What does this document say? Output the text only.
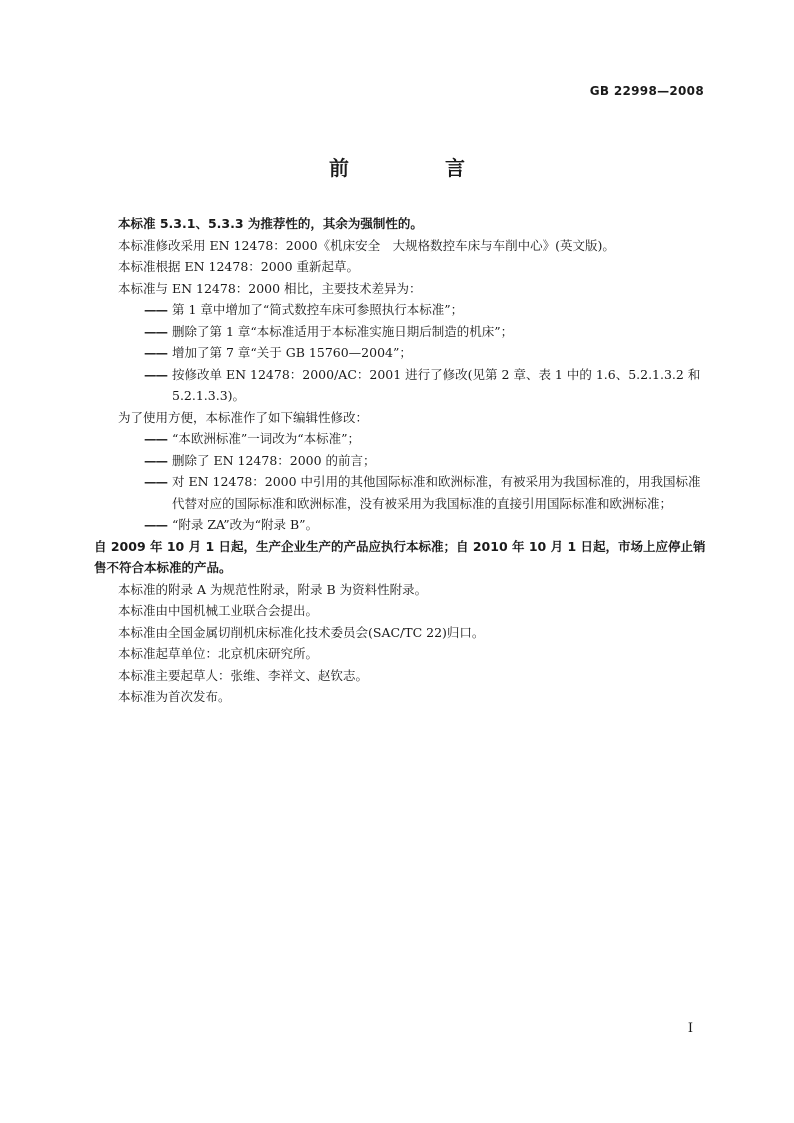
GB 22998—2008
前　言

本标准 5.3.1、5.3.3 为推荐性的，其余为强制性的。

本标准修改采用 EN 12478：2000《机床安全　大规格数控车床与车削中心》(英文版)。

本标准根据 EN 12478：2000 重新起草。

本标准与 EN 12478：2000 相比，主要技术差异为：

—— 第 1 章中增加了“简式数控车床可参照执行本标准”；
—— 删除了第 1 章“本标准适用于本标准实施日期后制造的机床”；
—— 增加了第 7 章“关于 GB 15760—2004”；
—— 按修改单 EN 12478：2000/AC：2001 进行了修改(见第 2 章、表 1 中的 1.6、5.2.1.3.2 和 5.2.1.3.3)。

为了使用方便，本标准作了如下编辑性修改：

—— “本欧洲标准”一词改为“本标准”；
—— 删除了 EN 12478：2000 的前言；
—— 对 EN 12478：2000 中引用的其他国际标准和欧洲标准，有被采用为我国标准的，用我国标准代替对应的国际标准和欧洲标准，没有被采用为我国标准的直接引用国际标准和欧洲标准；
—— “附录 ZA”改为“附录 B”。

自 2009 年 10 月 1 日起，生产企业生产的产品应执行本标准；自 2010 年 10 月 1 日起，市场上应停止销售不符合本标准的产品。

本标准的附录 A 为规范性附录，附录 B 为资料性附录。

本标准由中国机械工业联合会提出。

本标准由全国金属切削机床标准化技术委员会(SAC/TC 22)归口。

本标准起草单位：北京机床研究所。

本标准主要起草人：张维、李祥文、赵钦志。

本标准为首次发布。

I
